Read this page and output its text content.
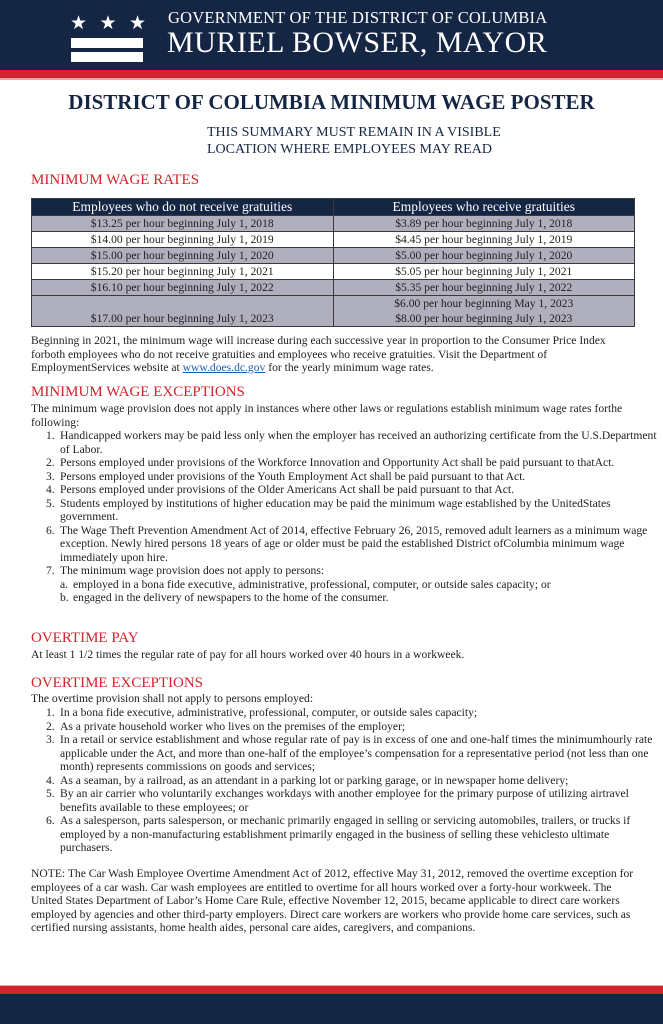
★ ★ ★ GOVERNMENT OF THE DISTRICT OF COLUMBIA
MURIEL BOWSER, MAYOR
DISTRICT OF COLUMBIA MINIMUM WAGE POSTER
THIS SUMMARY MUST REMAIN IN A VISIBLE
LOCATION WHERE EMPLOYEES MAY READ
MINIMUM WAGE RATES
Employees who do not receive gratuities	Employees who receive gratuities
$13.25 per hour beginning July 1, 2018	$3.89 per hour beginning July 1, 2018
$14.00 per hour beginning July 1, 2019	$4.45 per hour beginning July 1, 2019
$15.00 per hour beginning July 1, 2020	$5.00 per hour beginning July 1, 2020
$15.20 per hour beginning July 1, 2021	$5.05 per hour beginning July 1, 2021
$16.10 per hour beginning July 1, 2022	$5.35 per hour beginning July 1, 2022
$17.00 per hour beginning July 1, 2023	$6.00 per hour beginning May 1, 2023
$8.00 per hour beginning July 1, 2023
Beginning in 2021, the minimum wage will increase during each successive year in proportion to the Consumer Price Index forboth employees who do not receive gratuities and employees who receive gratuities. Visit the Department of EmploymentServices website at www.does.dc.gov for the yearly minimum wage rates.
MINIMUM WAGE EXCEPTIONS
The minimum wage provision does not apply in instances where other laws or regulations establish minimum wage rates forthe following:
1. Handicapped workers may be paid less only when the employer has received an authorizing certificate from the U.S.Department of Labor.
2. Persons employed under provisions of the Workforce Innovation and Opportunity Act shall be paid pursuant to thatAct.
3. Persons employed under provisions of the Youth Employment Act shall be paid pursuant to that Act.
4. Persons employed under provisions of the Older Americans Act shall be paid pursuant to that Act.
5. Students employed by institutions of higher education may be paid the minimum wage established by the UnitedStates government.
6. The Wage Theft Prevention Amendment Act of 2014, effective February 26, 2015, removed adult learners as a minimum wage exception. Newly hired persons 18 years of age or older must be paid the established District ofColumbia minimum wage immediately upon hire.
7. The minimum wage provision does not apply to persons:
a. employed in a bona fide executive, administrative, professional, computer, or outside sales capacity; or
b. engaged in the delivery of newspapers to the home of the consumer.
OVERTIME PAY
At least 1 1/2 times the regular rate of pay for all hours worked over 40 hours in a workweek.
OVERTIME EXCEPTIONS
The overtime provision shall not apply to persons employed:
1. In a bona fide executive, administrative, professional, computer, or outside sales capacity;
2. As a private household worker who lives on the premises of the employer;
3. In a retail or service establishment and whose regular rate of pay is in excess of one and one-half times the minimumhourly rate applicable under the Act, and more than one-half of the employee’s compensation for a representative period (not less than one month) represents commissions on goods and services;
4. As a seaman, by a railroad, as an attendant in a parking lot or parking garage, or in newspaper home delivery;
5. By an air carrier who voluntarily exchanges workdays with another employee for the primary purpose of utilizing airtravel benefits available to these employees; or
6. As a salesperson, parts salesperson, or mechanic primarily engaged in selling or servicing automobiles, trailers, or trucks if employed by a non-manufacturing establishment primarily engaged in the business of selling these vehiclesto ultimate purchasers.
NOTE: The Car Wash Employee Overtime Amendment Act of 2012, effective May 31, 2012, removed the overtime exception for employees of a car wash. Car wash employees are entitled to overtime for all hours worked over a forty-hour workweek. The United States Department of Labor’s Home Care Rule, effective November 12, 2015, became applicable to direct care workers employed by agencies and other third-party employers. Direct care workers are workers who provide home care services, such as certified nursing assistants, home health aides, personal care aides, caregivers, and companions.
